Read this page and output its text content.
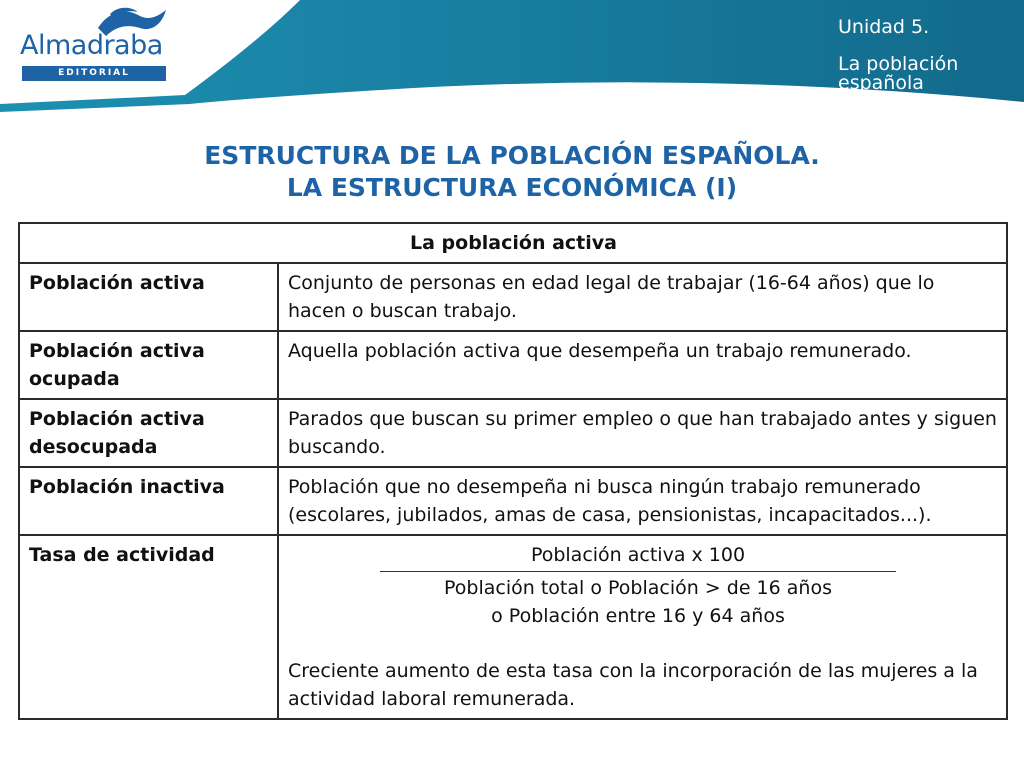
Almadraba
EDITORIAL
Unidad 5.
La población española
ESTRUCTURA DE LA POBLACIÓN ESPAÑOLA.
LA ESTRUCTURA ECONÓMICA (I)
La población activa	
Población activa	Conjunto de personas en edad legal de trabajar (16-64 años) que lo hacen o buscan trabajo.
Población activa ocupada	Aquella población activa que desempeña un trabajo remunerado.
Población activa desocupada	Parados que buscan su primer empleo o que han trabajado antes y siguen buscando.
Población inactiva	Población que no desempeña ni busca ningún trabajo remunerado (escolares, jubilados, amas de casa, pensionistas, incapacitados...).
Tasa de actividad	Población activa x 100
Población total o Población > de 16 años
o Población entre 16 y 64 años
Creciente aumento de esta tasa con la incorporación de las mujeres a la actividad laboral remunerada.
